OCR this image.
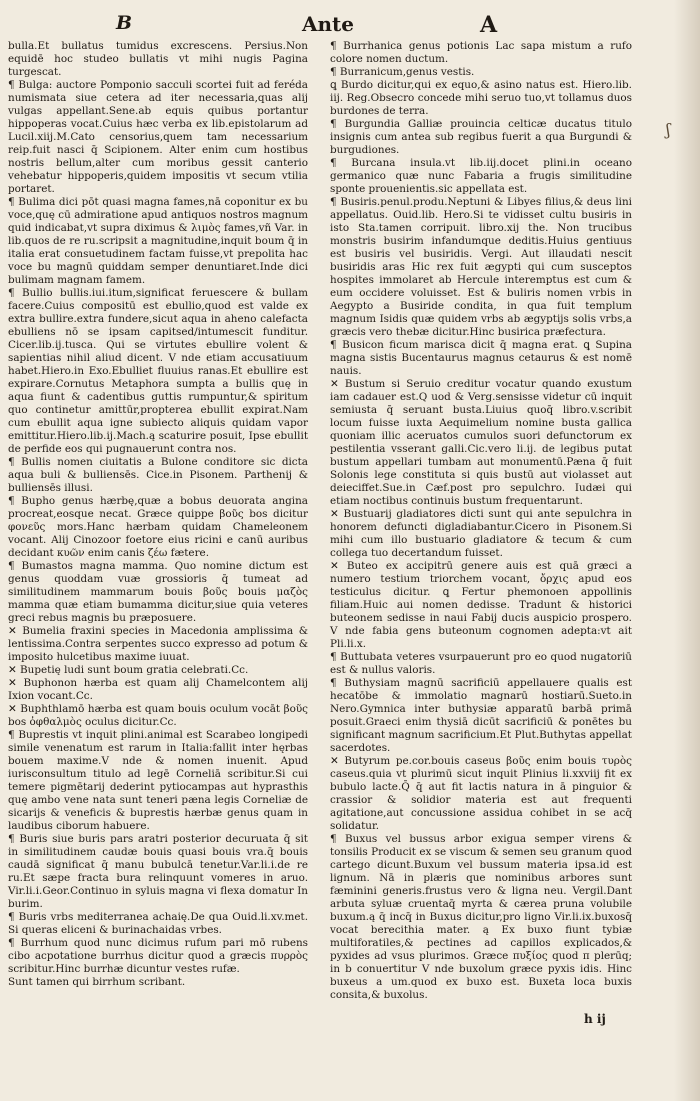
B	Ante	A

bulla.Et bullatus tumidus excrescens. Persius.Non equidē hoc studeo bullatis vt mihi nugis Pagina turgescat.

¶ Bulga: auctore Pomponio sacculi scortei fuit ad feréda numismata siue cetera ad iter necessaria,quas alij vulgas appellant.Sene.ab equis quibus portantur hippoperas vocat.Cuius hæc verba ex lib.epistolarum ad Lucil.xiij.M.Cato censorius,quem tam necessarium reip.fuit nasci q̄ Scipionem. Alter enim cum hostibus nostris bellum,alter cum moribus gessit canterio vehebatur hippoperis,quidem impositis vt secum vtilia portaret.

¶ Bulima dici pōt quasi magna fames,nā coponitur ex bu voce,quę cū admiratione apud antiquos nostros magnum quid indicabat,vt supra diximus & λιμὸς fames,vñ Var. in lib.quos de re ru.scripsit a magnitudine,inquit boum q̄ in italia erat consuetudinem factam fuisse,vt prepolita hac voce bu magnū quiddam semper denuntiaret.Inde dici bulimam magnam famem.

¶ Bullio bullis.iui.itum,significat feruescere & bullam facere.Cuius compositū est ebullio,quod est valde ex extra bullire.extra fundere,sicut aqua in aheno calefacta ebulliens nō se ipsam capitsed/intumescit funditur. Cicer.lib.ij.tusca. Qui se virtutes ebullire volent & sapientias nihil aliud dicent. V nde etiam accusatiuum habet.Hiero.in Exo.Ebulliet fluuius ranas.Et ebullire est expirare.Cornutus Metaphora sumpta a bullis quę in aqua fiunt & cadentibus guttis rumpuntur,& spiritum quo continetur amittūr,propterea ebullit expirat.Nam cum ebullit aqua igne subiecto aliquis quidam vapor emittitur.Hiero.lib.ij.Mach.ą scaturire posuit, Ipse ebullit de perfide eos qui pugnauerunt contra nos.

¶ Bullis nomen ciuitatis a Bulone conditore sic dicta aqua buli & bulliensēs. Cice.in Pisonem. Parthenij & bulliensēs illusi.

¶ Bupho genus hærbę,quæ a bobus deuorata angina procreat,eosque necat. Græce quippe βοῦς bos dicitur φονεῦς mors.Hanc hærbam quidam Chameleonem vocant. Alij Cinozoor foetore eius ricini e canū auribus decidant κυῶν enim canis ζέω fætere.

¶ Bumastos magna mamma. Quo nomine dictum est genus quoddam vuæ grossioris q̄ tumeat ad similitudinem mammarum bouis βοῦς bouis μαζὸς mamma quæ etiam bumamma dicitur,siue quia veteres greci rebus magnis bu præposuere.

✕ Bumelia fraxini species in Macedonia amplissima & lentissima.Contra serpentes succo expresso ad potum & imposito hulcetibus maxime iuuat.

✕ Bupetię ludi sunt boum gratia celebrati.Cc.

✕ Buphonon hærba est quam alij Chamelcontem alij Ixion vocant.Cc.

✕ Buphthlamō hærba est quam bouis oculum vocāt βοῦς bos ὀφθαλμὸς oculus dicitur.Cc.

¶ Buprestis vt inquit plini.animal est Scarabeo longipedi simile venenatum est rarum in Italia:fallit inter hęrbas bouem maxime.V nde & nomen inuenit. Apud iurisconsultum titulo ad legē Corneliā scribitur.Si cui temere pigmētarij dederint pytiocampas aut hyprasthis quę ambo vene nata sunt teneri pæna legis Corneliæ de sicarijs & veneficis & buprestis hærbæ genus quam in laudibus ciborum habuere.

¶ Buris siue buris pars aratri posterior decuruata q̄ sit in similitudinem caudæ bouis quasi bouis vra.q̄ bouis caudā significat q̄ manu bubulcā tenetur.Var.li.i.de re ru.Et sæpe fracta bura relinquunt vomeres in aruo. Vir.li.i.Geor.Continuo in syluis magna vi flexa domatur In burim.

¶ Buris vrbs mediterranea achaię.De qua Ouid.li.xv.met. Si queras eliceni & burinachaidas vrbes.

¶ Burrhum quod nunc dicimus rufum pari mō rubens cibo acpotatione burrhus dicitur quod a græcis πυρρὸς scribitur.Hinc burrhæ dicuntur vestes rufæ.

Sunt tamen qui birrhum scribant.

¶ Burrhanica genus potionis Lac sapa mistum a rufo colore nomen ductum.

¶ Burranicum,genus vestis.

ꝗ Burdo dicitur,qui ex equo,& asino natus est. Hiero.lib. iij. Reg.Obsecro concede mihi seruo tuo,vt tollamus duos burdones de terra.

¶ Burgundia Galliæ prouincia celticæ ducatus titulo insignis cum antea sub regibus fuerit a qua Burgundi & burgudiones.

¶ Burcana insula.vt lib.iij.docet plini.in oceano germanico quæ nunc Fabaria a frugis similitudine sponte prouenientis.sic appellata est.

¶ Busiris.penul.produ.Neptuni & Libyes filius,& deus lini appellatus. Ouid.lib. Hero.Si te vidisset cultu busiris in isto Sta.tamen corripuit. libro.xij the. Non trucibus monstris busirim infandumque deditis.Huius gentiuus est busiris vel busiridis. Vergi. Aut illaudati nescit busiridis aras Hic rex fuit ægypti qui cum susceptos hospites immolaret ab Hercule interemptus est cum & eum occidere voluisset. Est & buliris nomen vrbis in Aegypto a Busiride condita, in qua fuit templum magnum Isidis quæ quidem vrbs ab ægyptijs solis vrbs,a græcis vero thebæ dicitur.Hinc busirica præfectura.

¶ Busicon ficum marisca dicit q̄ magna erat. ꝗ Supina magna sistis Bucentaurus magnus cetaurus & est nomē nauis.

✕ Bustum si Seruio creditur vocatur quando exustum iam cadauer est.Q uod & Verg.sensisse videtur cū inquit semiusta q̄ seruant busta.Liuius quoq̄ libro.v.scribit locum fuisse iuxta Aequimelium nomine busta gallica quoniam illic aceruatos cumulos suori defunctorum ex pestilentia vsserant galli.Cic.vero li.ij. de legibus putat bustum appellari tumbam aut monumentū.Pæna q̄ fuit Solonis lege constituta si quis bustū aut violasset aut deieciffet.Sue.in Cæf.post pro sepulchro. Iudæi qui etiam noctibus continuis bustum frequentarunt.

✕ Bustuarij gladiatores dicti sunt qui ante sepulchra in honorem defuncti digladiabantur.Cicero in Pisonem.Si mihi cum illo bustuario gladiatore & tecum & cum collega tuo decertandum fuisset.

✕ Buteo ex accipitrū genere auis est quā græci a numero testium triorchem vocant, ὄρχις apud eos testiculus dicitur. ꝗ Fertur phemonoen appollinis filiam.Huic aui nomen dedisse. Tradunt & historici buteonem sedisse in naui Fabij ducis auspicio prospero. V nde fabia gens buteonum cognomen adepta:vt ait Pli.li.x.

¶ Buttubata veteres vsurpauerunt pro eo quod nugatoriū est & nullus valoris.

¶ Buthysiam magnū sacrificiū appellauere qualis est hecatōbe & immolatio magnarū hostiarū.Sueto.in Nero.Gymnica inter buthysiæ apparatū barbā primā posuit.Graeci enim thysiā dicūt sacrificiū & ponētes bu significant magnum sacrificium.Et Plut.Buthytas appellat sacerdotes.

✕ Butyrum pe.cor.bouis caseus βοῦς enim bouis τυρὸς caseus.quia vt plurimū sicut inquit Plinius li.xxviij fit ex bubulo lacte.Q̄ q̄ aut fit lactis natura in ā pinguior & crassior & solidior materia est aut frequenti agitatione,aut concussione assidua cohibet in se acq̄ solidatur.

¶ Buxus vel bussus arbor exigua semper virens & tonsilis Producit ex se viscum & semen seu granum quod cartego dicunt.Buxum vel bussum materia ipsa.id est lignum. Nā in plæris que nominibus arbores sunt fæminini generis.frustus vero & ligna neu. Vergil.Dant arbuta syluæ cruentaq̄ myrta & cærea pruna volubile buxum.ą q̄ incq̄ in Buxus dicitur,pro ligno Vir.li.ix.buxosq̄ vocat berecithia mater. ą Ex buxo fiunt tybiæ multiforatiles,& pectines ad capillos explicados,& pyxides ad vsus plurimos. Græce πυξίος quod π plerūq; in b conuertitur V nde buxolum græce pyxis idis. Hinc buxeus a um.quod ex buxo est. Buxeta loca buxis consita,& buxolus.

ʃ
h ij
